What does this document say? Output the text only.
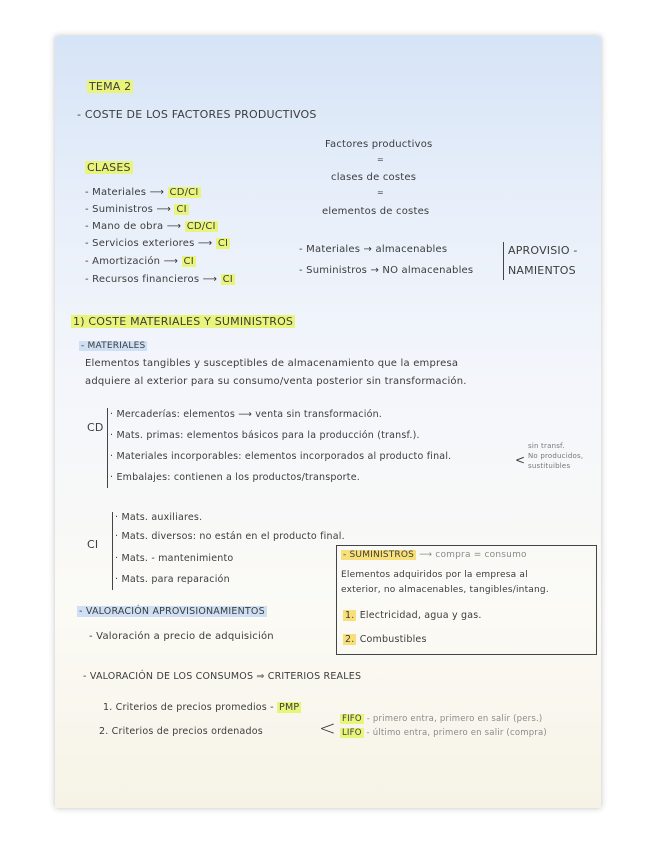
TEMA 2
- COSTE DE LOS FACTORES PRODUCTIVOS
Factores productivos
=
clases de costes
=
elementos de costes
CLASES
- Materiales ⟶ CD/CI
- Suministros ⟶ CI
- Mano de obra ⟶ CD/CI
- Servicios exteriores ⟶ CI
- Amortización ⟶ CI
- Recursos financieros ⟶ CI
- Materiales → almacenables
- Suministros → NO almacenables
APROVISIO -
NAMIENTOS
1) COSTE MATERIALES Y SUMINISTROS
- MATERIALES
Elementos tangibles y susceptibles de almacenamiento que la empresa
adquiere al exterior para su consumo/venta posterior sin transformación.
CD
· Mercaderías: elementos ⟶ venta sin transformación.
· Mats. primas: elementos básicos para la producción (transf.).
· Materiales incorporables: elementos incorporados al producto final.
· Embalajes: contienen a los productos/transporte.
<
sin transf.
No producidos,
sustituibles
CI
· Mats. auxiliares.
· Mats. diversos: no están en el producto final.
· Mats. - mantenimiento
· Mats. para reparación
- SUMINISTROS ⟶ compra = consumo
Elementos adquiridos por la empresa al
exterior, no almacenables, tangibles/intang.
1. Electricidad, agua y gas.
2. Combustibles
- VALORACIÓN APROVISIONAMIENTOS
- Valoración a precio de adquisición
- VALORACIÓN DE LOS CONSUMOS ⇒ CRITERIOS REALES
1. Criterios de precios promedios - PMP
2. Criterios de precios ordenados	< FIFO - primero entra, primero en salir (pers.)
LIFO - último entra, primero en salir (compra)
